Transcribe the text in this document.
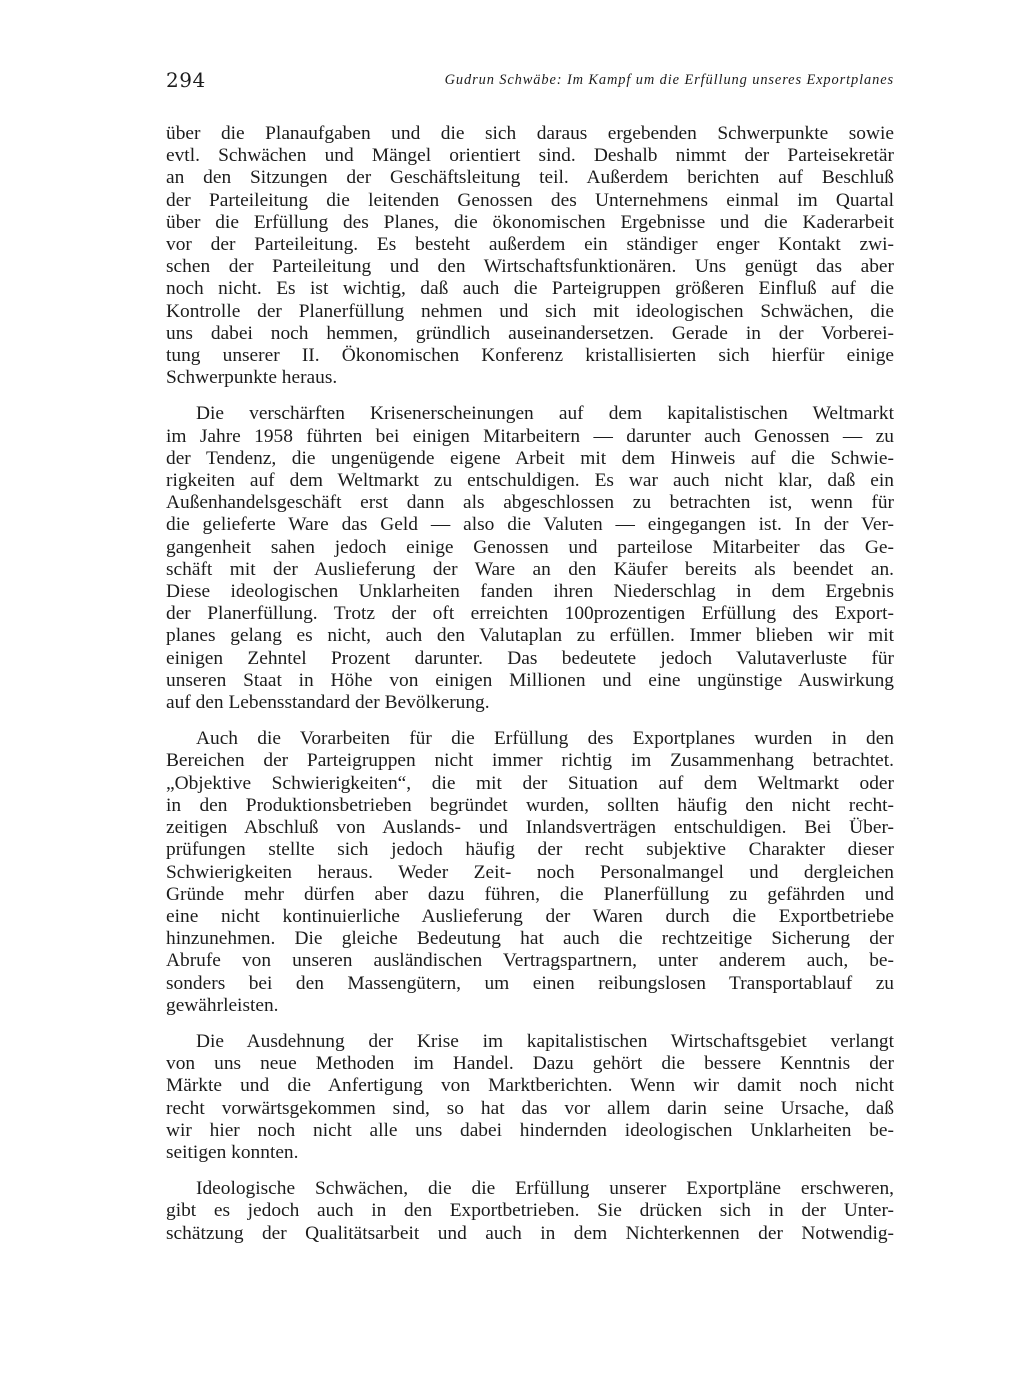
294	Gudrun Schwäbe: Im Kampf um die Erfüllung unseres Exportplanes

über die Planaufgaben und die sich daraus ergebenden Schwerpunkte sowie
evtl. Schwächen und Mängel orientiert sind. Deshalb nimmt der Parteisekretär
an den Sitzungen der Geschäftsleitung teil. Außerdem berichten auf Beschluß
der Parteileitung die leitenden Genossen des Unternehmens einmal im Quartal
über die Erfüllung des Planes, die ökonomischen Ergebnisse und die Kaderarbeit
vor der Parteileitung. Es besteht außerdem ein ständiger enger Kontakt zwi-
schen der Parteileitung und den Wirtschaftsfunktionären. Uns genügt das aber
noch nicht. Es ist wichtig, daß auch die Parteigruppen größeren Einfluß auf die
Kontrolle der Planerfüllung nehmen und sich mit ideologischen Schwächen, die
uns dabei noch hemmen, gründlich auseinandersetzen. Gerade in der Vorberei-
tung unserer II. Ökonomischen Konferenz kristallisierten sich hierfür einige
Schwerpunkte heraus.

Die verschärften Krisenerscheinungen auf dem kapitalistischen Weltmarkt
im Jahre 1958 führten bei einigen Mitarbeitern — darunter auch Genossen — zu
der Tendenz, die ungenügende eigene Arbeit mit dem Hinweis auf die Schwie-
rigkeiten auf dem Weltmarkt zu entschuldigen. Es war auch nicht klar, daß ein
Außenhandelsgeschäft erst dann als abgeschlossen zu betrachten ist, wenn für
die gelieferte Ware das Geld — also die Valuten — eingegangen ist. In der Ver-
gangenheit sahen jedoch einige Genossen und parteilose Mitarbeiter das Ge-
schäft mit der Auslieferung der Ware an den Käufer bereits als beendet an.
Diese ideologischen Unklarheiten fanden ihren Niederschlag in dem Ergebnis
der Planerfüllung. Trotz der oft erreichten 100prozentigen Erfüllung des Export-
planes gelang es nicht, auch den Valutaplan zu erfüllen. Immer blieben wir mit
einigen Zehntel Prozent darunter. Das bedeutete jedoch Valutaverluste für
unseren Staat in Höhe von einigen Millionen und eine ungünstige Auswirkung
auf den Lebensstandard der Bevölkerung.

Auch die Vorarbeiten für die Erfüllung des Exportplanes wurden in den
Bereichen der Parteigruppen nicht immer richtig im Zusammenhang betrachtet.
„Objektive Schwierigkeiten“, die mit der Situation auf dem Weltmarkt oder
in den Produktionsbetrieben begründet wurden, sollten häufig den nicht recht-
zeitigen Abschluß von Auslands- und Inlandsverträgen entschuldigen. Bei Über-
prüfungen stellte sich jedoch häufig der recht subjektive Charakter dieser
Schwierigkeiten heraus. Weder Zeit- noch Personalmangel und dergleichen
Gründe mehr dürfen aber dazu führen, die Planerfüllung zu gefährden und
eine nicht kontinuierliche Auslieferung der Waren durch die Exportbetriebe
hinzunehmen. Die gleiche Bedeutung hat auch die rechtzeitige Sicherung der
Abrufe von unseren ausländischen Vertragspartnern, unter anderem auch, be-
sonders bei den Massengütern, um einen reibungslosen Transportablauf zu
gewährleisten.

Die Ausdehnung der Krise im kapitalistischen Wirtschaftsgebiet verlangt
von uns neue Methoden im Handel. Dazu gehört die bessere Kenntnis der
Märkte und die Anfertigung von Marktberichten. Wenn wir damit noch nicht
recht vorwärtsgekommen sind, so hat das vor allem darin seine Ursache, daß
wir hier noch nicht alle uns dabei hindernden ideologischen Unklarheiten be-
seitigen konnten.

Ideologische Schwächen, die die Erfüllung unserer Exportpläne erschweren,
gibt es jedoch auch in den Exportbetrieben. Sie drücken sich in der Unter-
schätzung der Qualitätsarbeit und auch in dem Nichterkennen der Notwendig-
